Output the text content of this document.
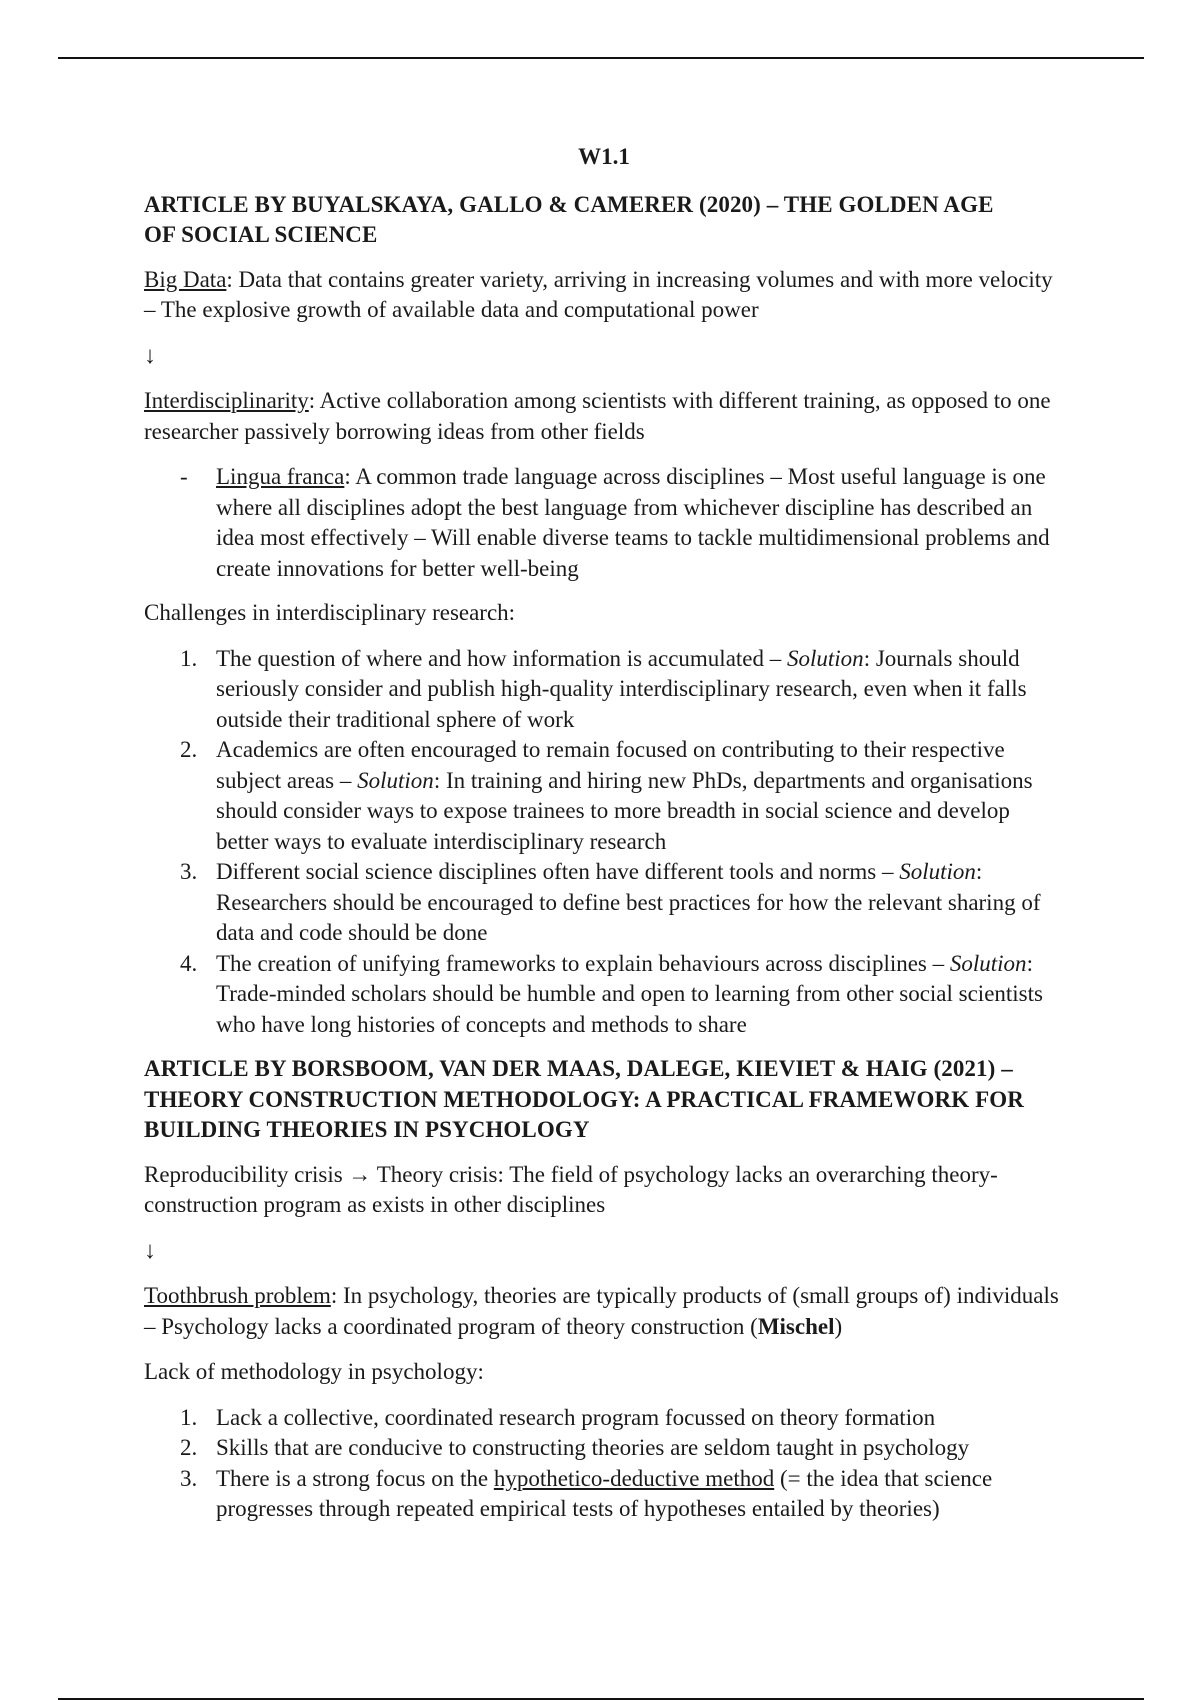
W1.1
ARTICLE BY BUYALSKAYA, GALLO & CAMERER (2020) – THE GOLDEN AGE
OF SOCIAL SCIENCE

Big Data: Data that contains greater variety, arriving in increasing volumes and with more velocity – The explosive growth of available data and computational power

↓

Interdisciplinarity: Active collaboration among scientists with different training, as opposed to one researcher passively borrowing ideas from other fields

- Lingua franca: A common trade language across disciplines – Most useful language is one where all disciplines adopt the best language from whichever discipline has described an idea most effectively – Will enable diverse teams to tackle multidimensional problems and create innovations for better well-being

Challenges in interdisciplinary research:

1. The question of where and how information is accumulated – Solution: Journals should seriously consider and publish high-quality interdisciplinary research, even when it falls outside their traditional sphere of work
2. Academics are often encouraged to remain focused on contributing to their respective subject areas – Solution: In training and hiring new PhDs, departments and organisations should consider ways to expose trainees to more breadth in social science and develop better ways to evaluate interdisciplinary research
3. Different social science disciplines often have different tools and norms – Solution: Researchers should be encouraged to define best practices for how the relevant sharing of data and code should be done
4. The creation of unifying frameworks to explain behaviours across disciplines – Solution: Trade-minded scholars should be humble and open to learning from other social scientists who have long histories of concepts and methods to share
ARTICLE BY BORSBOOM, VAN DER MAAS, DALEGE, KIEVIET & HAIG (2021) – THEORY CONSTRUCTION METHODOLOGY: A PRACTICAL FRAMEWORK FOR BUILDING THEORIES IN PSYCHOLOGY

Reproducibility crisis → Theory crisis: The field of psychology lacks an overarching theory-construction program as exists in other disciplines

↓

Toothbrush problem: In psychology, theories are typically products of (small groups of) individuals – Psychology lacks a coordinated program of theory construction (Mischel)

Lack of methodology in psychology:

1. Lack a collective, coordinated research program focussed on theory formation
2. Skills that are conducive to constructing theories are seldom taught in psychology
3. There is a strong focus on the hypothetico-deductive method (= the idea that science progresses through repeated empirical tests of hypotheses entailed by theories)
